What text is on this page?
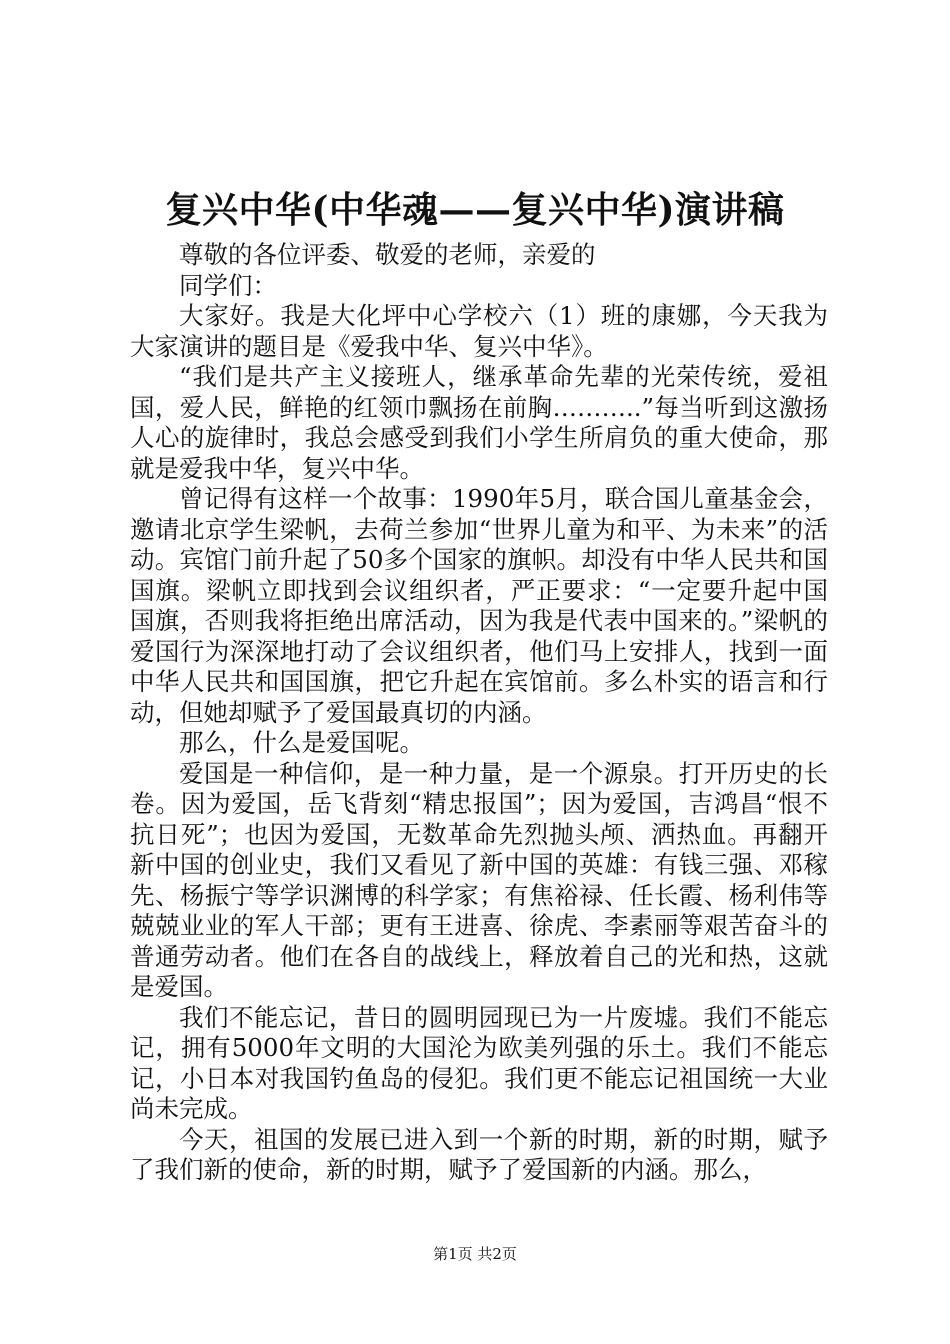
复兴中华(中华魂——复兴中华)演讲稿

尊敬的各位评委、敬爱的老师，亲爱的

同学们：

大家好。我是大化坪中心学校六（1）班的康娜，今天我为大家演讲的题目是《爱我中华、复兴中华》。

“我们是共产主义接班人，继承革命先辈的光荣传统，爱祖国，爱人民，鲜艳的红领巾飘扬在前胸………..”每当听到这激扬人心的旋律时，我总会感受到我们小学生所肩负的重大使命，那就是爱我中华，复兴中华。

曾记得有这样一个故事：1990年5月，联合国儿童基金会，邀请北京学生梁帆，去荷兰参加“世界儿童为和平、为未来”的活动。宾馆门前升起了50多个国家的旗帜。却没有中华人民共和国国旗。梁帆立即找到会议组织者，严正要求：“一定要升起中国国旗，否则我将拒绝出席活动，因为我是代表中国来的。”梁帆的爱国行为深深地打动了会议组织者，他们马上安排人，找到一面中华人民共和国国旗，把它升起在宾馆前。多么朴实的语言和行动，但她却赋予了爱国最真切的内涵。

那么，什么是爱国呢。

爱国是一种信仰，是一种力量，是一个源泉。打开历史的长卷。因为爱国，岳飞背刻“精忠报国”；因为爱国，吉鸿昌“恨不抗日死”；也因为爱国，无数革命先烈抛头颅、洒热血。再翻开新中国的创业史，我们又看见了新中国的英雄：有钱三强、邓稼先、杨振宁等学识渊博的科学家；有焦裕禄、任长霞、杨利伟等兢兢业业的军人干部；更有王进喜、徐虎、李素丽等艰苦奋斗的普通劳动者。他们在各自的战线上，释放着自己的光和热，这就是爱国。

我们不能忘记，昔日的圆明园现已为一片废墟。我们不能忘记，拥有5000年文明的大国沦为欧美列强的乐土。我们不能忘记，小日本对我国钓鱼岛的侵犯。我们更不能忘记祖国统一大业尚未完成。

今天，祖国的发展已进入到一个新的时期，新的时期，赋予了我们新的使命，新的时期，赋予了爱国新的内涵。那么，

第1页 共2页
